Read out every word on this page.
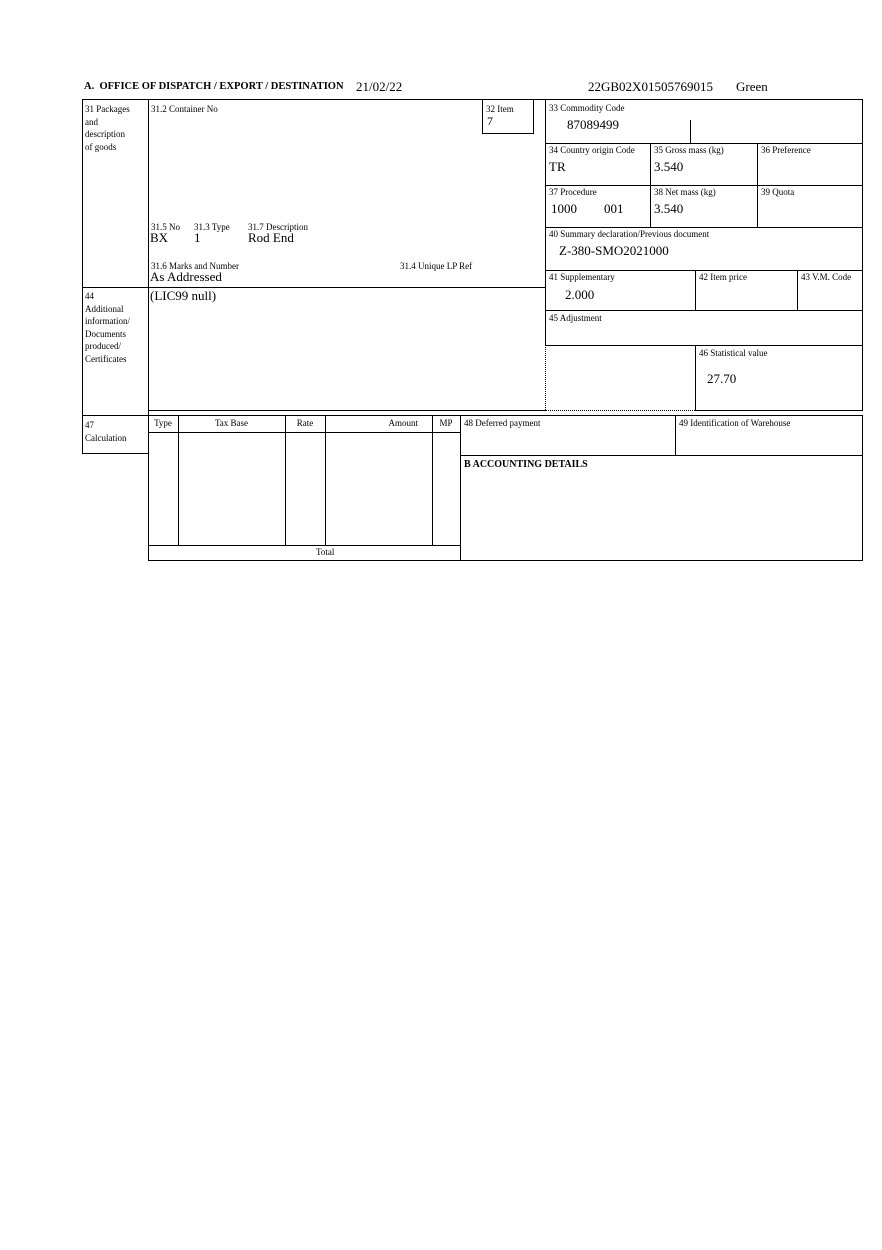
A.  OFFICE OF DISPATCH / EXPORT / DESTINATION 21/02/22	22GB02X01505769015 Green
31 Packages
and
description
of goods
31.2 Container No	32 Item
7
31.5 No 31.3 Type 31.7 Description
BX 1	Rod End
31.6 Marks and Number	31.4 Unique LP Ref
As Addressed
33 Commodity Code
87089499
34 Country origin Code
TR
35 Gross mass (kg)
3.540
36 Preference
37 Procedure
1000 001
38 Net mass (kg)
3.540
39 Quota
40 Summary declaration/Previous document
Z-380-SMO2021000
41 Supplementary
2.000
42 Item price	43 V.M. Code
44
Additional
information/
Documents
produced/
Certificates
(LIC99 null)
45 Adjustment
46 Statistical value
27.70
47
Calculation
Type	Tax Base	Rate	Amount	MP
Total
48 Deferred payment	49 Identification of Warehouse
B ACCOUNTING DETAILS
